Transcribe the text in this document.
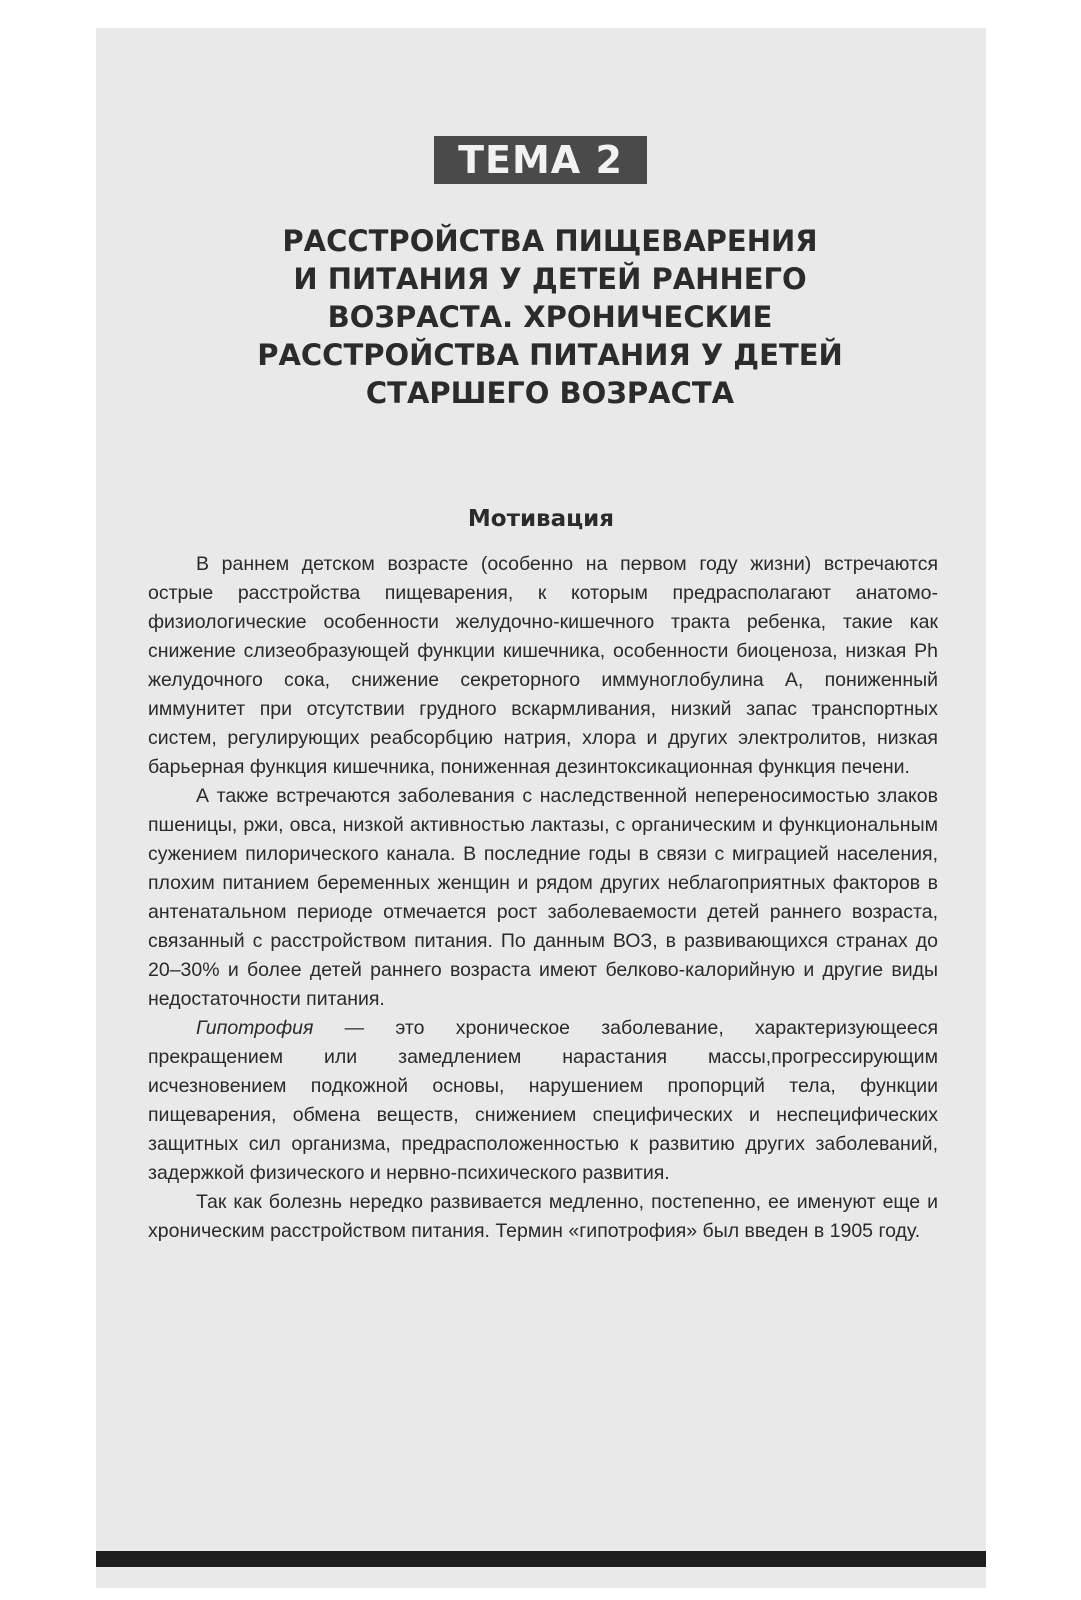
ТЕМА 2
РАССТРОЙСТВА ПИЩЕВАРЕНИЯ
И ПИТАНИЯ У ДЕТЕЙ РАННЕГО
ВОЗРАСТА. ХРОНИЧЕСКИЕ
РАССТРОЙСТВА ПИТАНИЯ У ДЕТЕЙ
СТАРШЕГО ВОЗРАСТА
Мотивация

В раннем детском возрасте (особенно на первом году жизни) встречаются острые расстройства пищеварения, к которым предрасполагают анатомо-физиологические особенности желудочно-кишечного тракта ребенка, такие как снижение слизеобразующей функции кишечника, особенности биоценоза, низкая Ph желудочного сока, снижение секреторного иммуноглобулина А, пониженный иммунитет при отсутствии грудного вскармливания, низкий запас транспортных систем, регулирующих реабсорбцию натрия, хлора и других электролитов, низкая барьерная функция кишечника, пониженная дезинтоксикационная функция печени.

А также встречаются заболевания с наследственной непереносимостью злаков пшеницы, ржи, овса, низкой активностью лактазы, с органическим и функциональным сужением пилорического канала. В последние годы в связи с миграцией населения, плохим питанием беременных женщин и рядом других неблагоприятных факторов в антенатальном периоде отмечается рост заболеваемости детей раннего возраста, связанный с расстройством питания. По данным ВОЗ, в развивающихся странах до 20–30% и более детей раннего возраста имеют белково-калорийную и другие виды недостаточности питания.

Гипотрофия — это хроническое заболевание, характеризующееся прекращением или замедлением нарастания массы,прогрессирующим исчезновением подкожной основы, нарушением пропорций тела, функции пищеварения, обмена веществ, снижением специфических и неспецифических защитных сил организма, предрасположенностью к развитию других заболеваний, задержкой физического и нервно-психического развития.

Так как болезнь нередко развивается медленно, постепенно, ее именуют еще и хроническим расстройством питания. Термин «гипотрофия» был введен в 1905 году.
